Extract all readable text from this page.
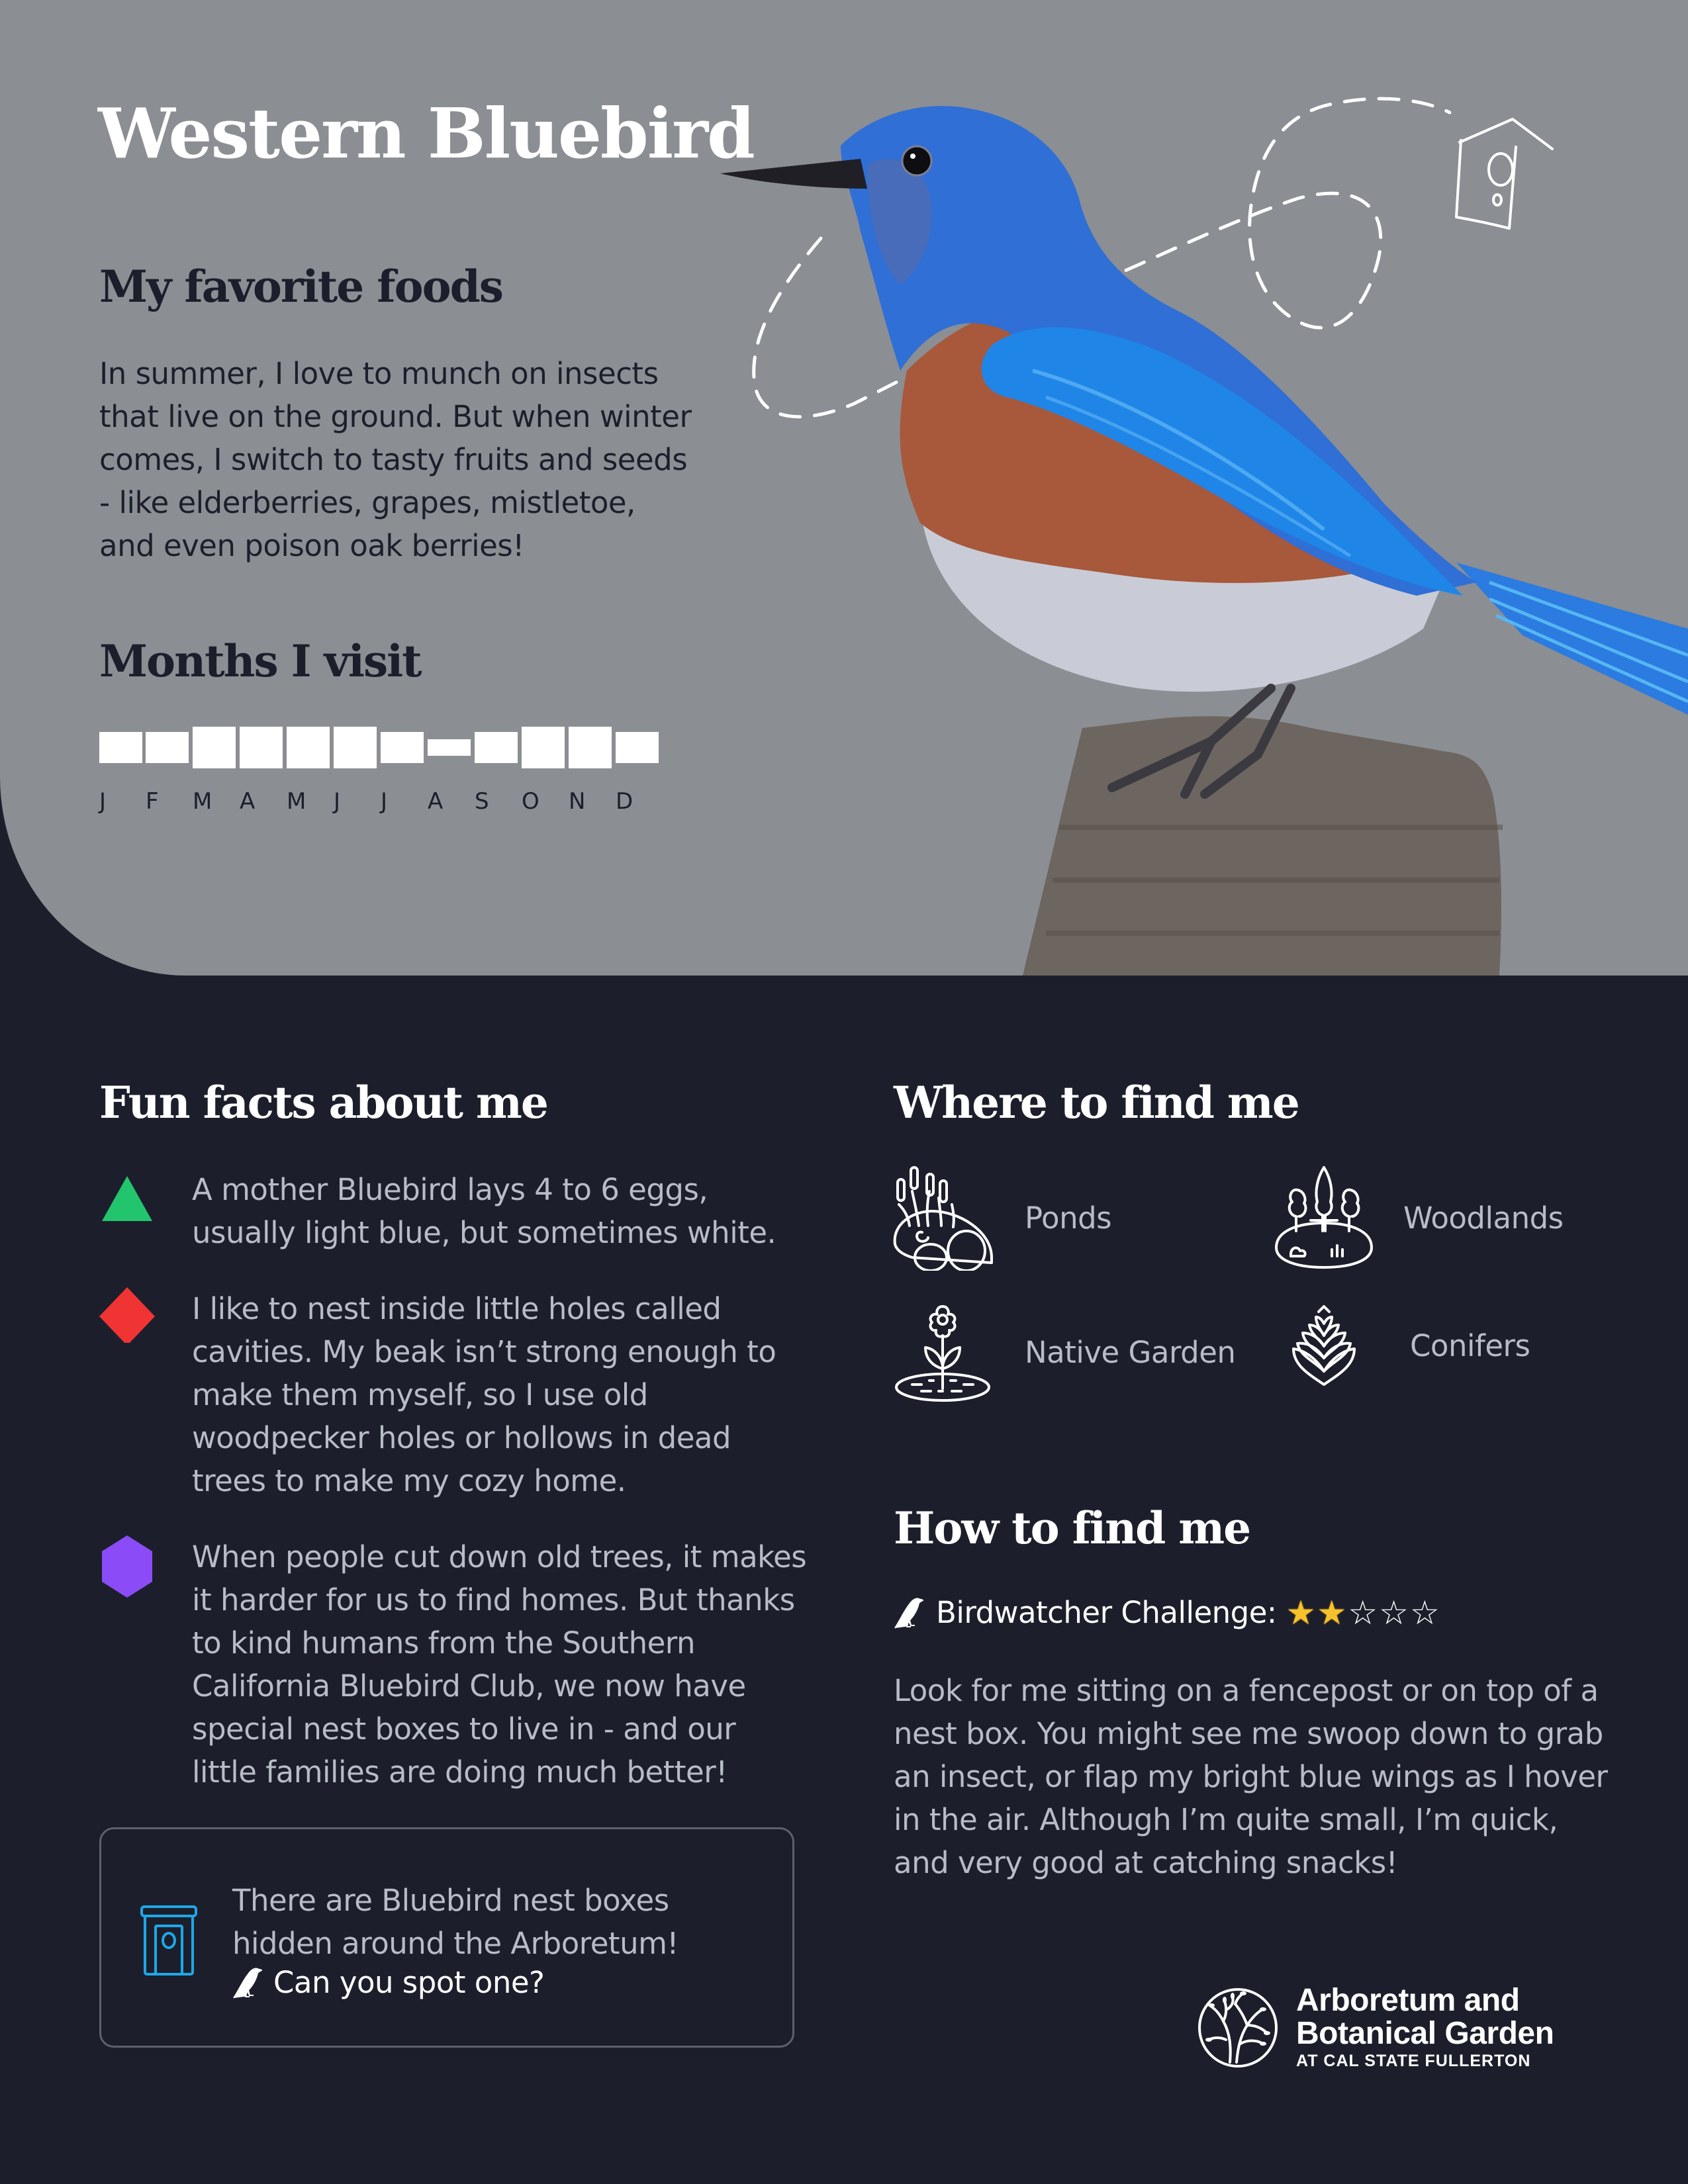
Western Bluebird
My favorite foods

In summer, I love to munch on insects that live on the ground. But when winter comes, I switch to tasty fruits and seeds - like elderberries, grapes, mistletoe, and even poison oak berries!

Months I visit
J	F M A M J	J	A S O N D
Fun facts about me

A mother Bluebird lays 4 to 6 eggs, usually light blue, but sometimes white.

I like to nest inside little holes called cavities. My beak isn’t strong enough to make them myself, so I use old woodpecker holes or hollows in dead trees to make my cozy home.

When people cut down old trees, it makes it harder for us to find homes. But thanks to kind humans from the Southern California Bluebird Club, we now have special nest boxes to live in - and our little families are doing much better!

There are Bluebird nest boxes hidden around the Arboretum!

Can you spot one?
Where to find me
Ponds	Woodlands
Native Garden	Conifers
How to find me
Birdwatcher Challenge: ★ ★ ☆ ☆ ☆

Look for me sitting on a fencepost or on top of a nest box. You might see me swoop down to grab an insect, or flap my bright blue wings as I hover in the air. Although I’m quite small, I’m quick, and very good at catching snacks!

Arboretum and
Botanical Garden
AT CAL STATE FULLERTON
